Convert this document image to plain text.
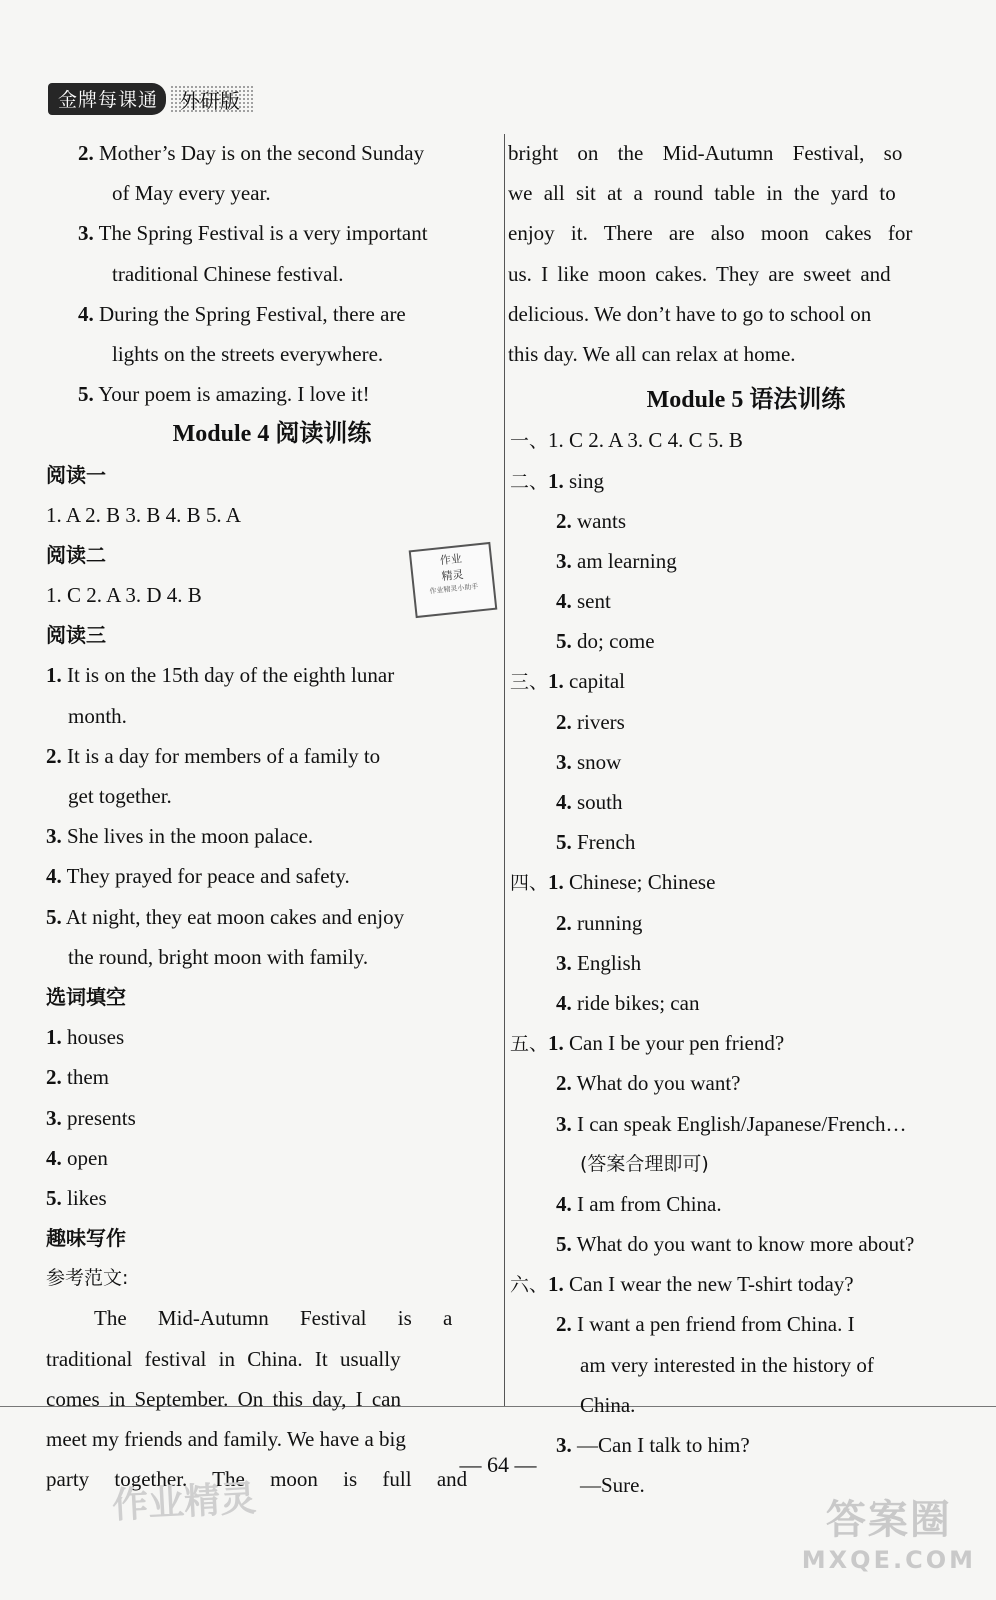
金牌每课通	外研版
2. Mother’s Day is on the second Sunday
of May every year.
3. The Spring Festival is a very important
traditional Chinese festival.
4. During the Spring Festival, there are
lights on the streets everywhere.
5. Your poem is amazing. I love it!
Module 4 阅读训练
阅读一
1. A 2. B 3. B 4. B 5. A
阅读二
1. C 2. A 3. D 4. B
阅读三
1. It is on the 15th day of the eighth lunar
month.
2. It is a day for members of a family to
get together.
3. She lives in the moon palace.
4. They prayed for peace and safety.
5. At night, they eat moon cakes and enjoy
the round, bright moon with family.
选词填空
1. houses
2. them
3. presents
4. open
5. likes
趣味写作
参考范文:
The Mid-Autumn Festival is a
traditional festival in China. It usually
comes in September. On this day, I can
meet my friends and family. We have a big
party together. The moon is full and
作业
精灵
作业精灵小助手
bright on the Mid-Autumn Festival, so
we all sit at a round table in the yard to
enjoy it. There are also moon cakes for
us. I like moon cakes. They are sweet and
delicious. We don’t have to go to school on
this day. We all can relax at home.
Module 5 语法训练
一、1. C 2. A 3. C 4. C 5. B
二、1. sing
2. wants
3. am learning
4. sent
5. do; come
三、1. capital
2. rivers
3. snow
4. south
5. French
四、1. Chinese; Chinese
2. running
3. English
4. ride bikes; can
五、1. Can I be your pen friend?
2. What do you want?
3. I can speak English/Japanese/French…
(答案合理即可)
4. I am from China.
5. What do you want to know more about?
六、1. Can I wear the new T-shirt today?
2. I want a pen friend from China. I
am very interested in the history of
China.
3. —Can I talk to him?
—Sure.
— 64 —
作业精灵	答案圈
MXQE.COM
